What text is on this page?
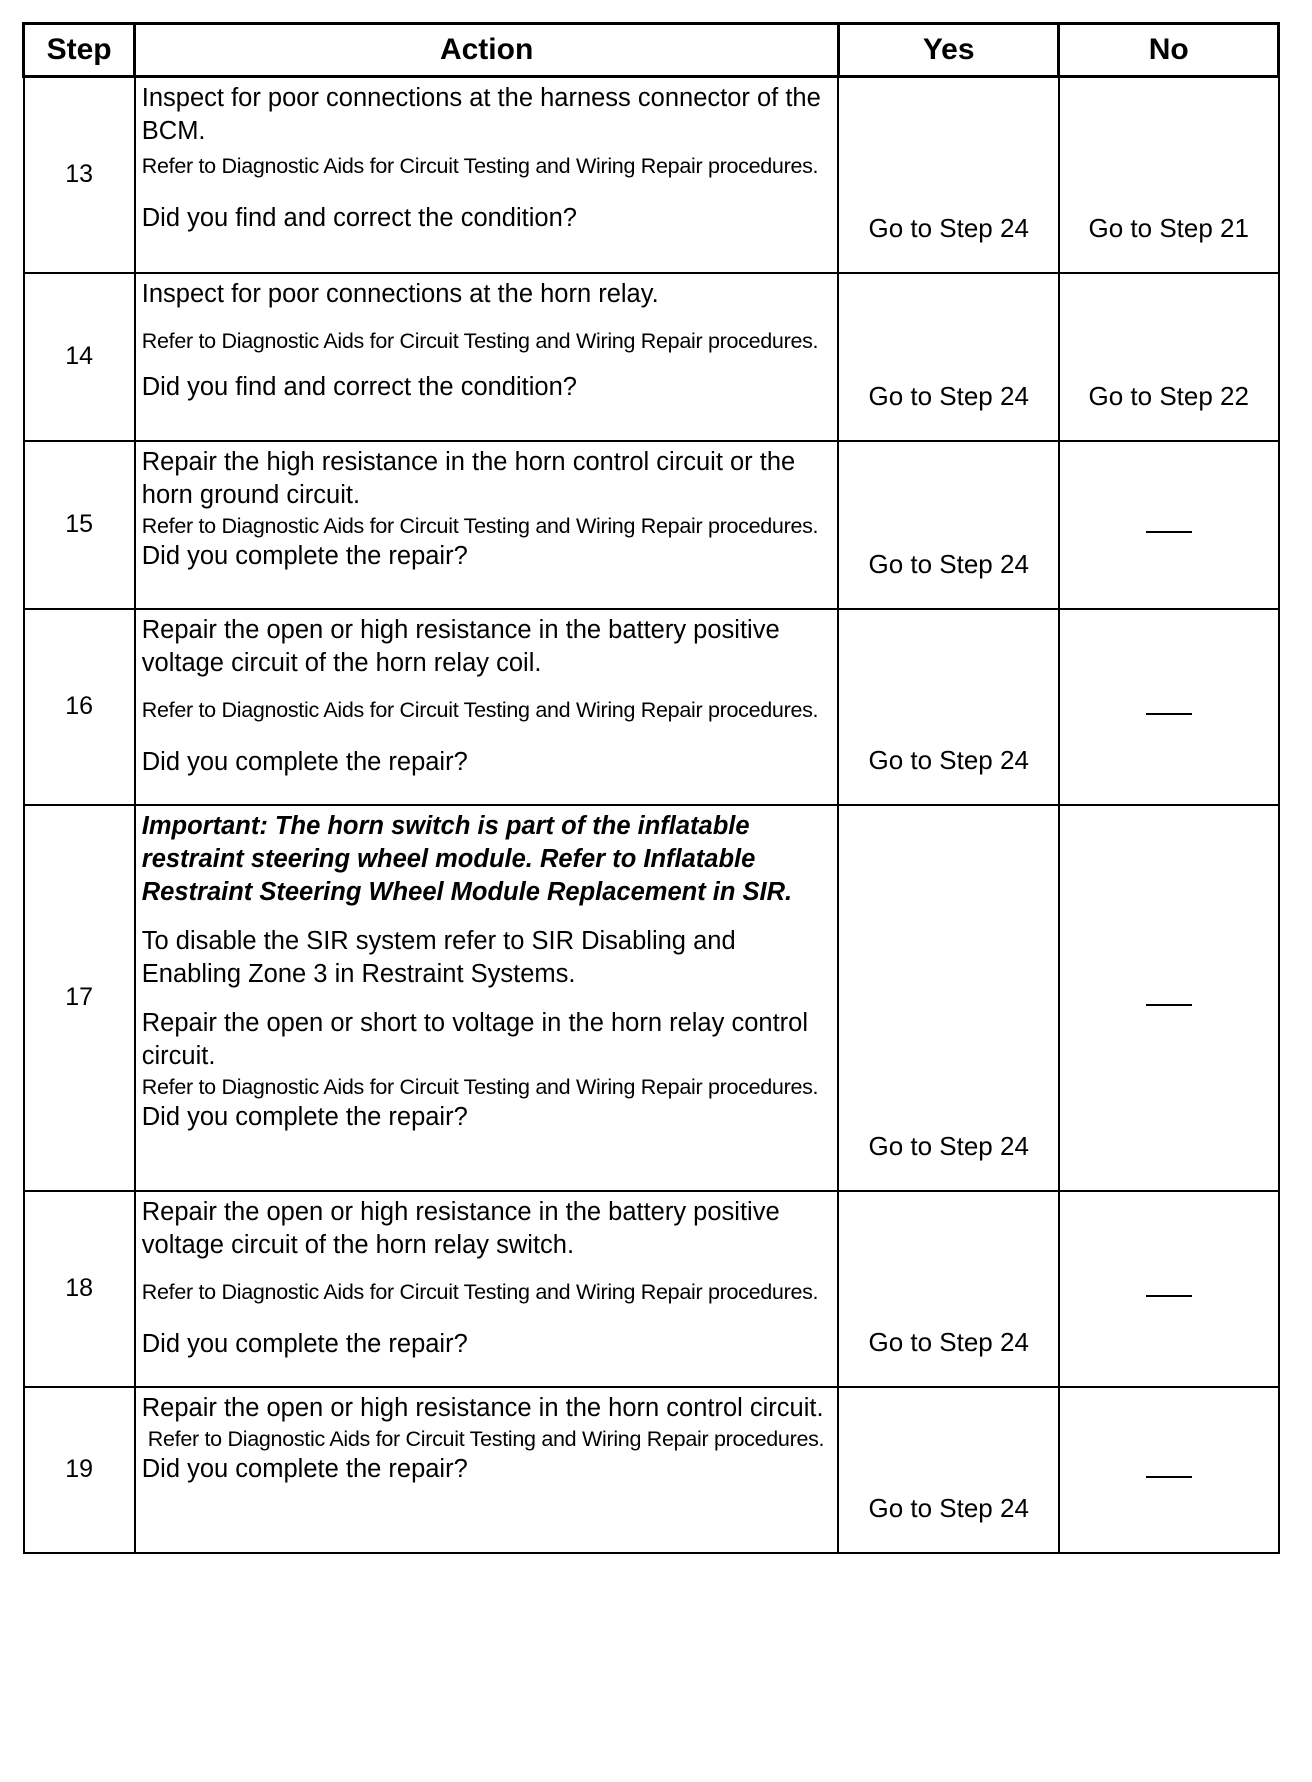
Step	Action	Yes	No
13	Inspect for poor connections at the harness connector of the BCM.

Refer to Diagnostic Aids for Circuit Testing and Wiring Repair procedures.

Did you find and correct the condition?	Go to Step 24	Go to Step 21
14	Inspect for poor connections at the horn relay.

Refer to Diagnostic Aids for Circuit Testing and Wiring Repair procedures.

Did you find and correct the condition?	Go to Step 24	Go to Step 22
15	Repair the high resistance in the horn control circuit or the horn ground circuit.

Refer to Diagnostic Aids for Circuit Testing and Wiring Repair procedures.

Did you complete the repair?	Go to Step 24	
16	Repair the open or high resistance in the battery positive voltage circuit of the horn relay coil.

Refer to Diagnostic Aids for Circuit Testing and Wiring Repair procedures.

Did you complete the repair?	Go to Step 24	
17	Important: The horn switch is part of the inflatable restraint steering wheel module. Refer to Inflatable Restraint Steering Wheel Module Replacement in SIR.

To disable the SIR system refer to SIR Disabling and Enabling Zone 3 in Restraint Systems.

Repair the open or short to voltage in the horn relay control circuit.

Refer to Diagnostic Aids for Circuit Testing and Wiring Repair procedures.

Did you complete the repair?	Go to Step 24	
18	Repair the open or high resistance in the battery positive voltage circuit of the horn relay switch.

Refer to Diagnostic Aids for Circuit Testing and Wiring Repair procedures.

Did you complete the repair?	Go to Step 24	
19	Repair the open or high resistance in the horn control circuit.

Refer to Diagnostic Aids for Circuit Testing and Wiring Repair procedures.

Did you complete the repair?	Go to Step 24	
